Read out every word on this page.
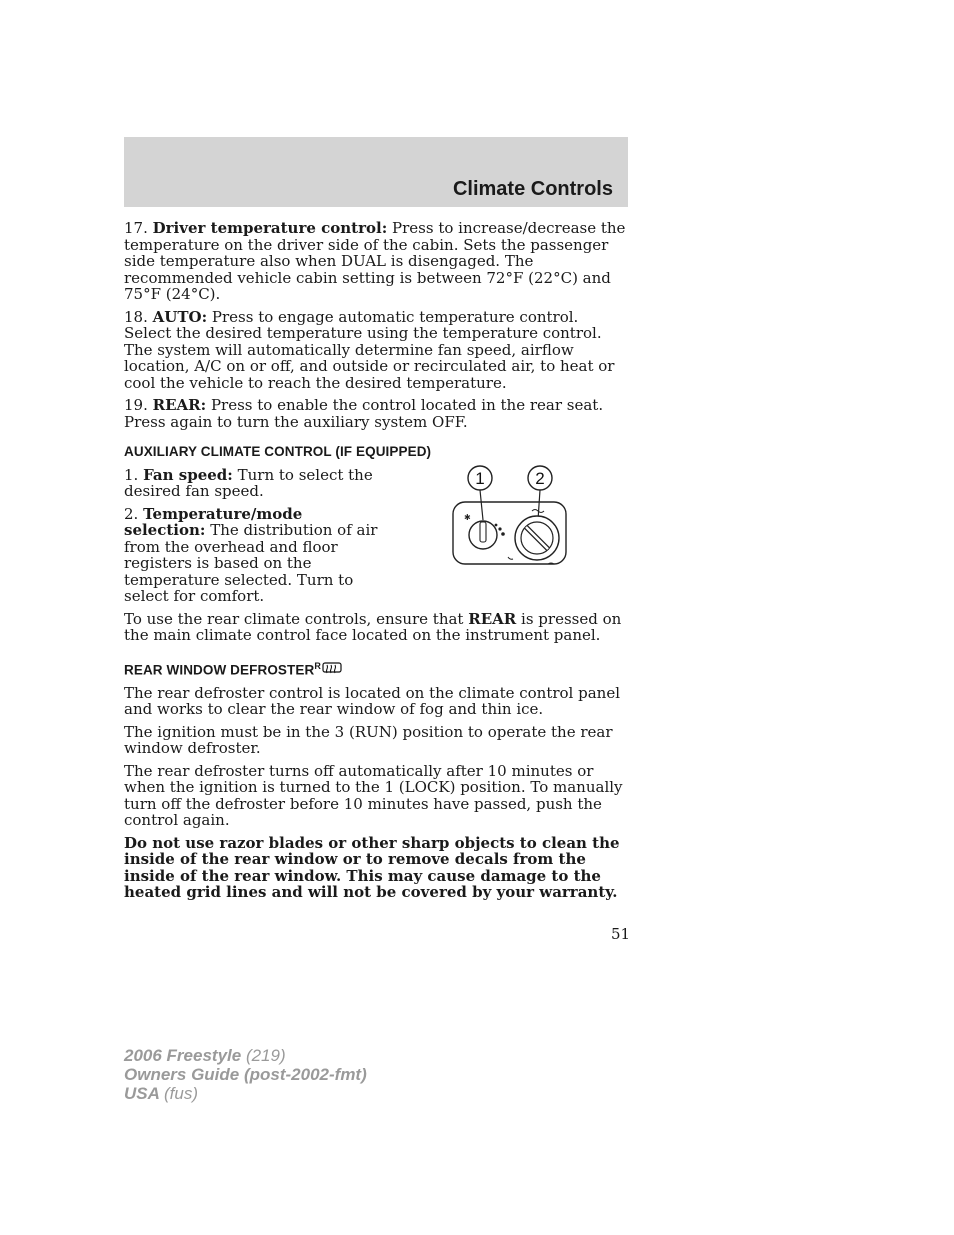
Climate Controls

17. Driver temperature control: Press to increase/decrease the temperature on the driver side of the cabin. Sets the passenger side temperature also when DUAL is disengaged. The recommended vehicle cabin setting is between 72°F (22°C) and 75°F (24°C).

18. AUTO: Press to engage automatic temperature control. Select the desired temperature using the temperature control. The system will automatically determine fan speed, airflow location, A/C on or off, and outside or recirculated air, to heat or cool the vehicle to reach the desired temperature.

19. REAR: Press to enable the control located in the rear seat. Press again to turn the auxiliary system OFF.

AUXILIARY CLIMATE CONTROL (IF EQUIPPED)

1. Fan speed: Turn to select the desired fan speed.

2. Temperature/mode selection: The distribution of air from the overhead and floor registers is based on the temperature selected. Turn to select for comfort.

1	2
✱

To use the rear climate controls, ensure that REAR is pressed on the main climate control face located on the instrument panel.

REAR WINDOW $DEFROSTER^R$

The rear defroster control is located on the climate control panel and works to clear the rear window of fog and thin ice.

The ignition must be in the 3 (RUN) position to operate the rear window defroster.

The rear defroster turns off automatically after 10 minutes or when the ignition is turned to the 1 (LOCK) position. To manually turn off the defroster before 10 minutes have passed, push the control again.

Do not use razor blades or other sharp objects to clean the inside of the rear window or to remove decals from the inside of the rear window. This may cause damage to the heated grid lines and will not be covered by your warranty.

51
2006 Freestyle (219)
Owners Guide (post-2002-fmt)
USA (fus)
